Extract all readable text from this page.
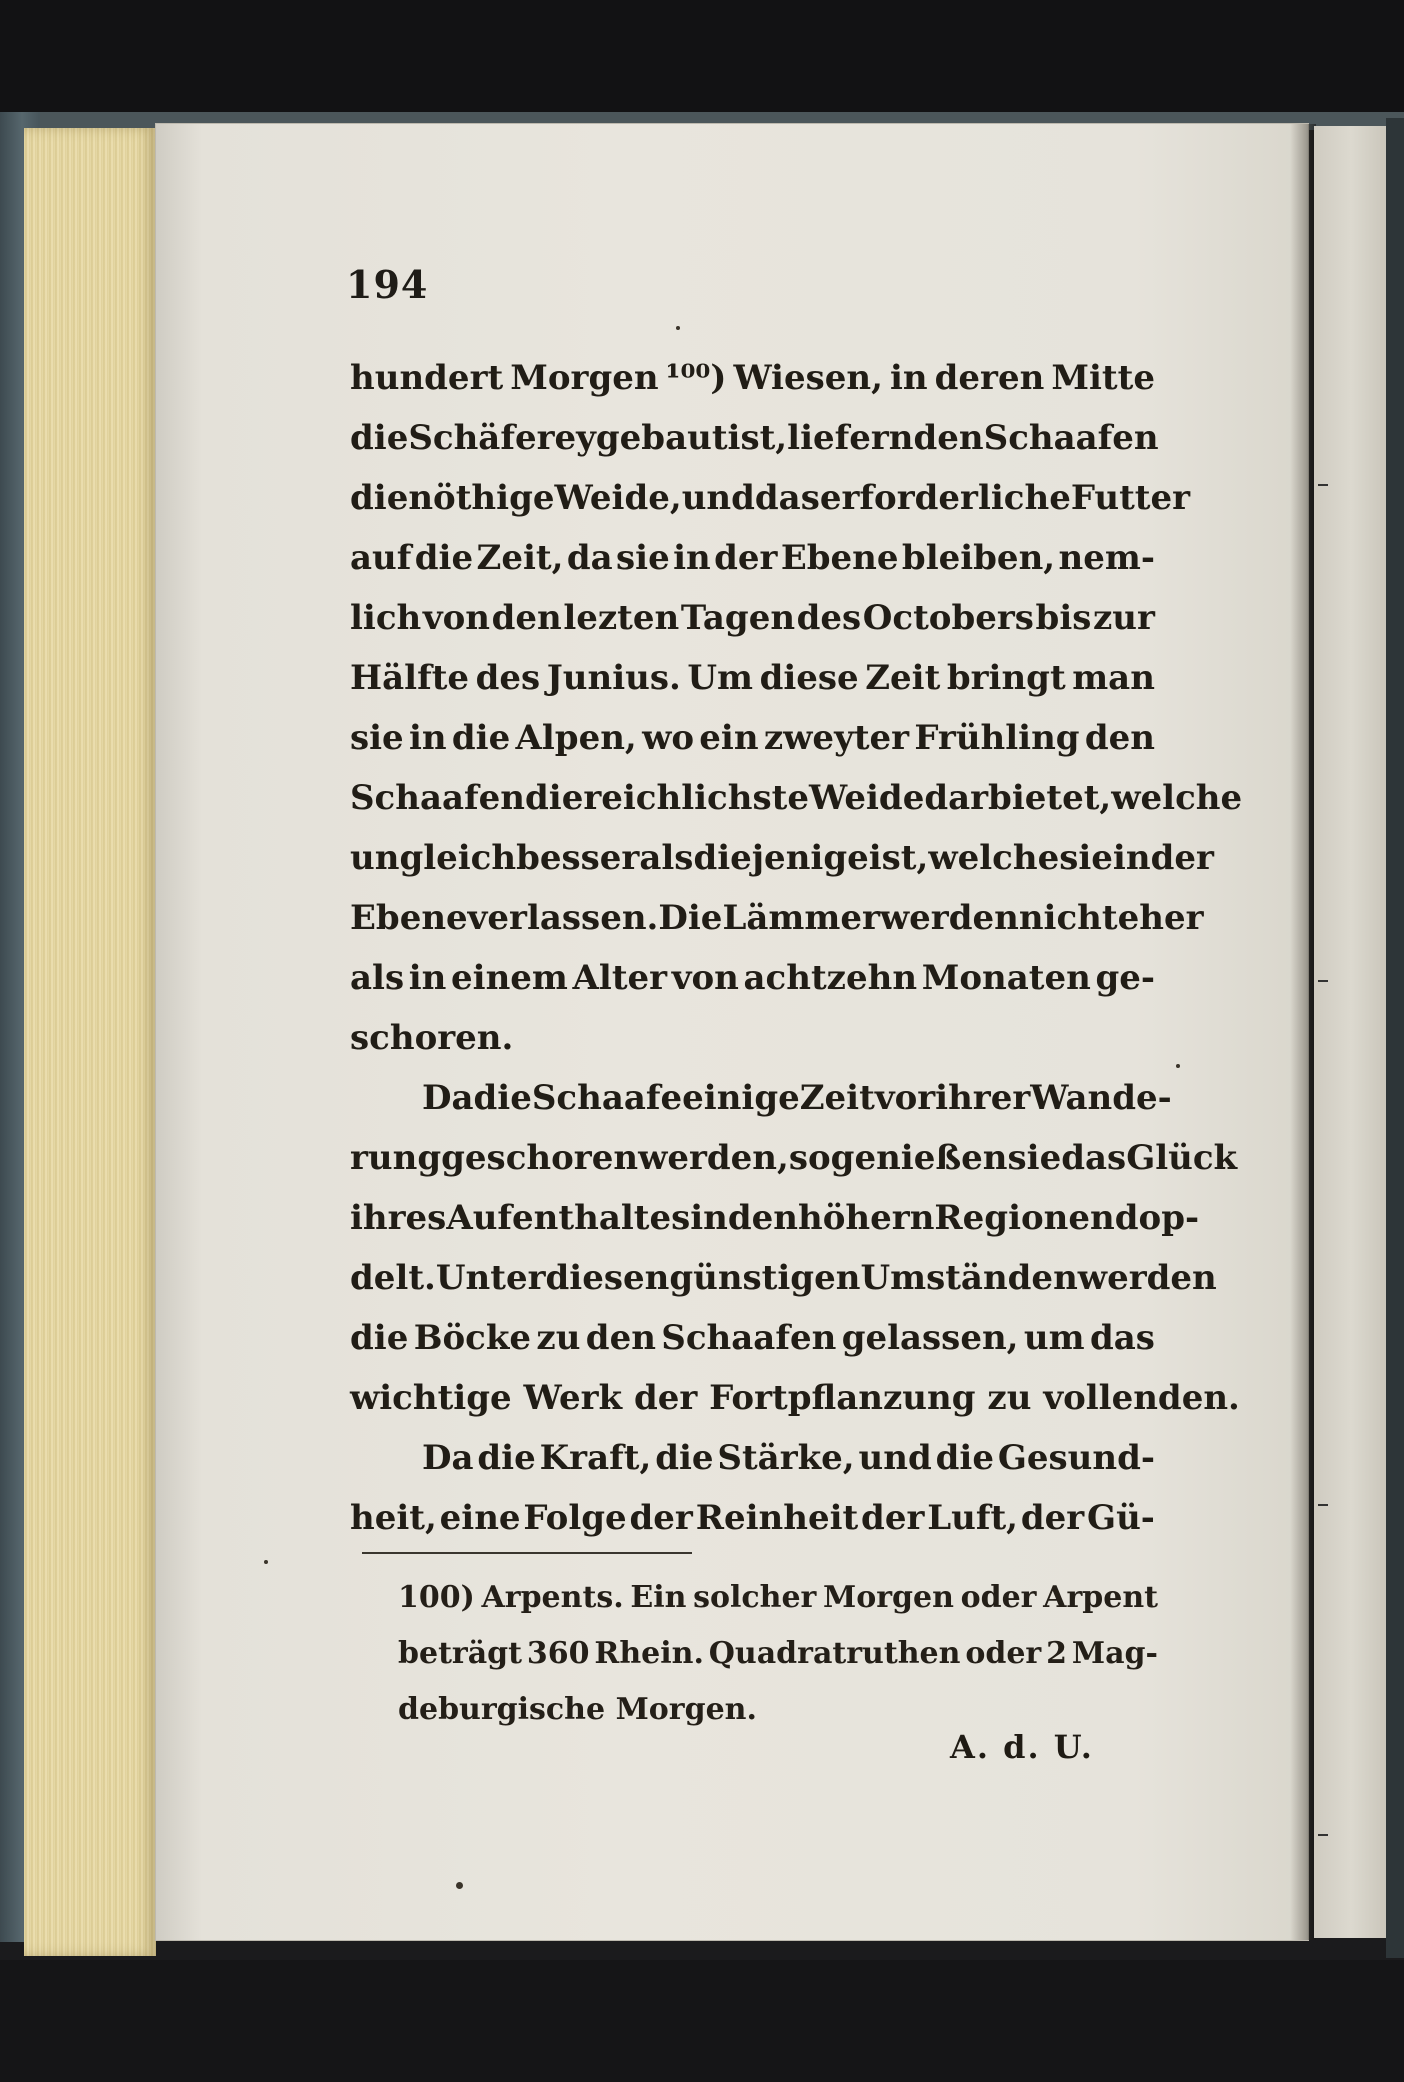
194
hundert Morgen ¹⁰⁰) Wiesen, in deren Mitte
die Schäferey gebaut ist, liefern den Schaafen
die nöthige Weide, und das erforderliche Futter
auf die Zeit, da sie in der Ebene bleiben, nem-
lich von den lezten Tagen des Octobers bis zur
Hälfte des Junius. Um diese Zeit bringt man
sie in die Alpen, wo ein zweyter Frühling den
Schaafen die reichlichste Weide darbietet, welche
ungleich besser als diejenige ist, welche sie in der
Ebene verlassen. Die Lämmer werden nicht eher
als in einem Alter von achtzehn Monaten ge-
schoren.
Da die Schaafe einige Zeit vor ihrer Wande-
rung geschoren werden, so genießen sie das Glück
ihres Aufenthaltes in den höhern Regionen dop-
delt. Unter diesen günstigen Umständen werden
die Böcke zu den Schaafen gelassen, um das
wichtige Werk der Fortpflanzung zu vollenden.
Da die Kraft, die Stärke, und die Gesund-
heit, eine Folge der Reinheit der Luft, der Gü-
100) Arpents. Ein solcher Morgen oder Arpent
beträgt 360 Rhein. Quadratruthen oder 2 Mag-
deburgische Morgen.
A. d. U.
